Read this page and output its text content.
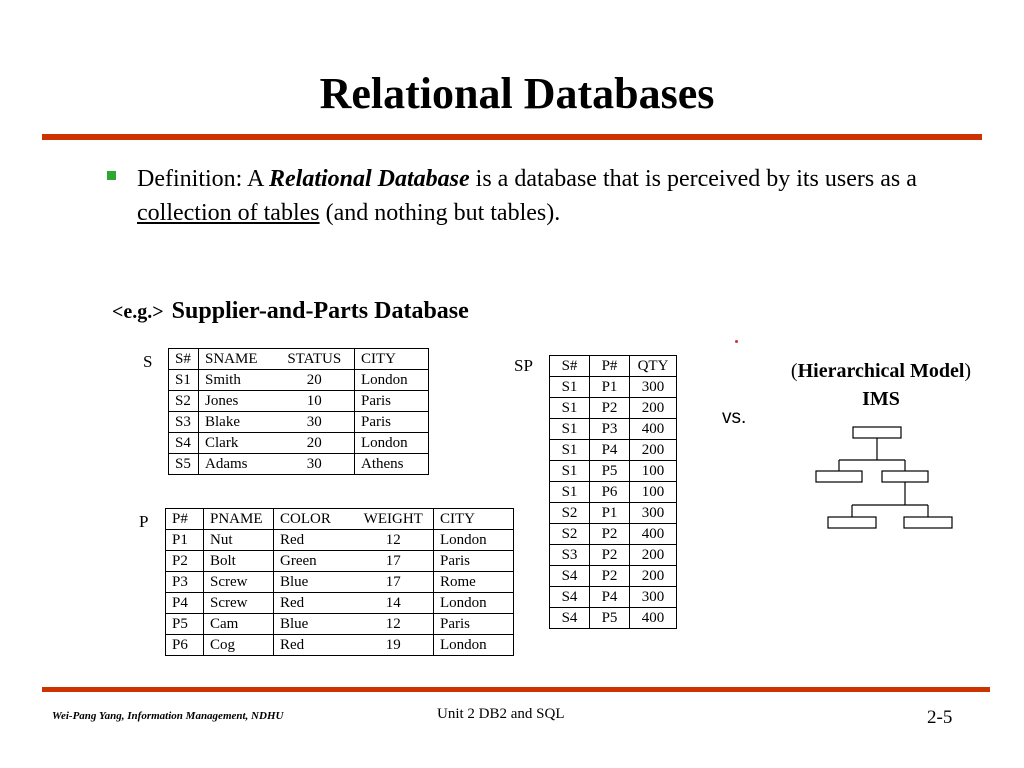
Relational Databases
Definition: A Relational Database is a database that is perceived by its users as a collection of tables (and nothing but tables).
<e.g.> Supplier-and-Parts Database
S S#	SNAME	STATUS	CITY
S1	Smith	20	London
S2	Jones	10	Paris
S3	Blake	30	Paris
S4	Clark	20	London
S5	Adams	30	Athens
P P#	PNAME	COLOR	WEIGHT	CITY
P1	Nut	Red	12	London
P2	Bolt	Green	17	Paris
P3	Screw	Blue	17	Rome
P4	Screw	Red	14	London
P5	Cam	Blue	12	Paris
P6	Cog	Red	19	London
SP S#	P#	QTY
S1	P1	300
S1	P2	200
S1	P3	400
S1	P4	200
S1	P5	100
S1	P6	100
S2	P1	300
S2	P2	400
S3	P2	200
S4	P2	200
S4	P4	300
S4	P5	400
(Hierarchical Model)
IMS
vs.
Wei-Pang Yang, Information Management, NDHU	Unit 2 DB2 and SQL	2-5
